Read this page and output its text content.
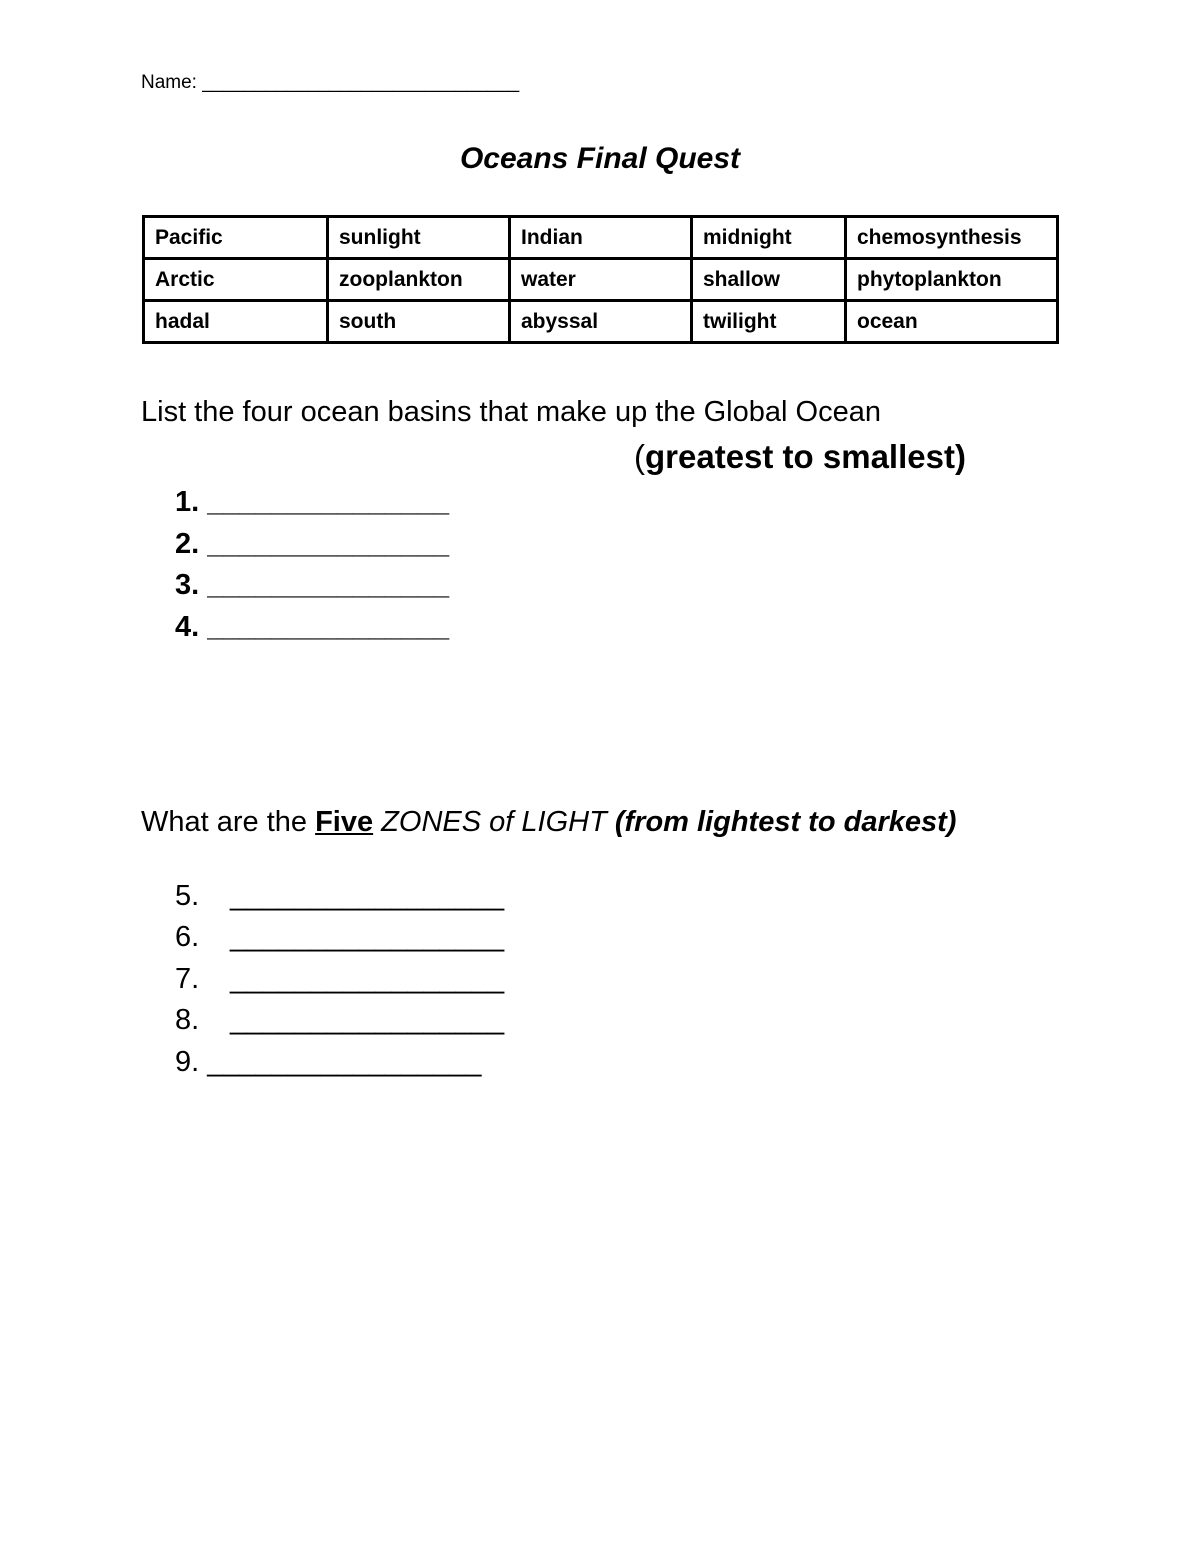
Name: ______________________________
Oceans Final Quest
Pacific	sunlight	Indian	midnight	chemosynthesis
Arctic	zooplankton	water	shallow	phytoplankton
hadal	south	abyssal	twilight	ocean
List the four ocean basins that make up the Global Ocean
(greatest to smallest)
1. _______________
2. _______________
3. _______________
4. _______________
What are the Five ZONES of LIGHT (from lightest to darkest)
5. _________________
6. _________________
7. _________________
8. _________________
9. _________________
